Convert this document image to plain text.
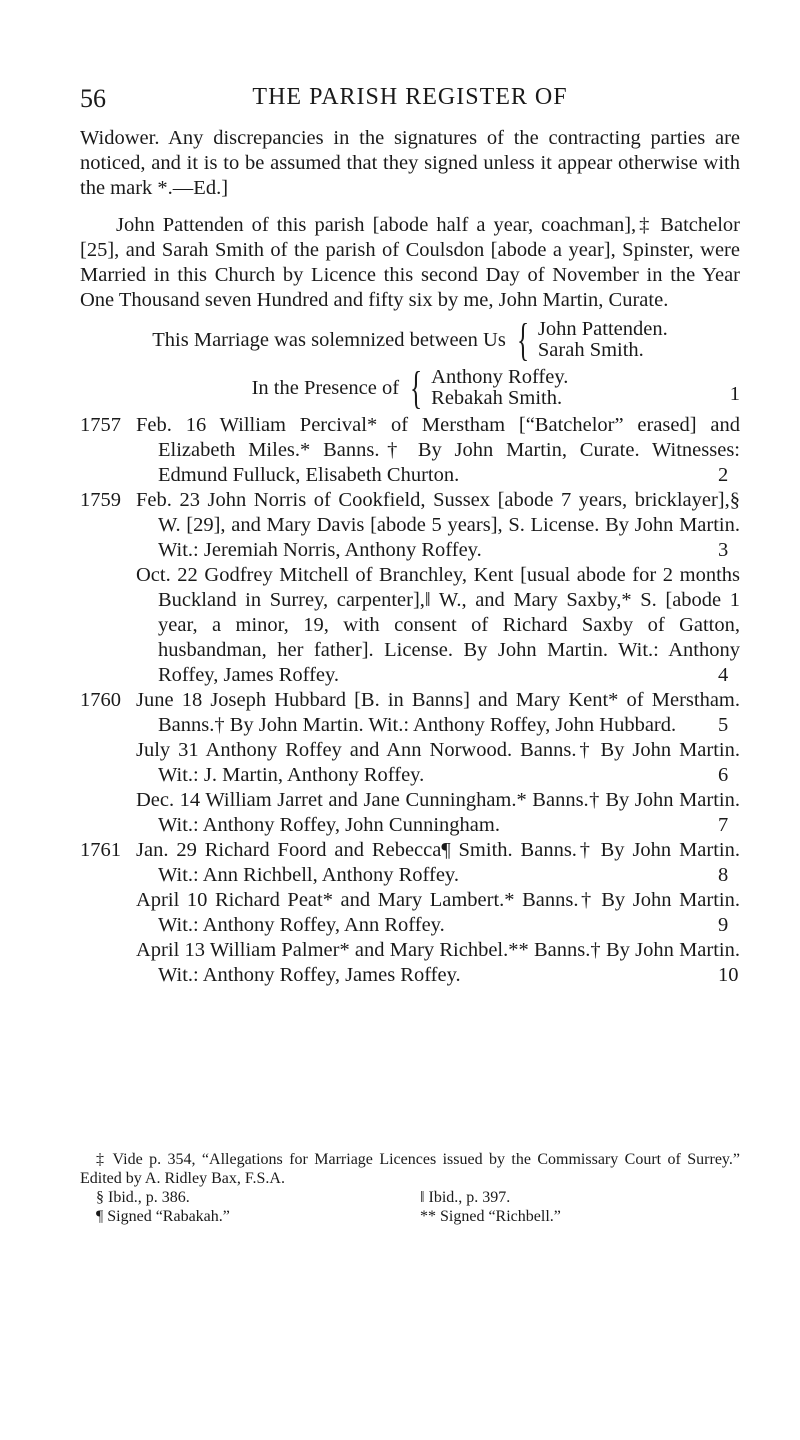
56	THE PARISH REGISTER OF

Widower. Any discrepancies in the signatures of the contracting parties are noticed, and it is to be assumed that they signed unless it appear otherwise with the mark *.—Ed.]

John Pattenden of this parish [abode half a year, coachman],‡ Batchelor [25], and Sarah Smith of the parish of Coulsdon [abode a year], Spinster, were Married in this Church by Licence this second Day of November in the Year One Thousand seven Hundred and fifty six by me, John Martin, Curate.

This Marriage was solemnized between Us { John Pattenden.
Sarah Smith.
In the Presence of { Anthony Roffey.
Rebakah Smith.	1
1757 Feb. 16 William Percival* of Merstham [“Batchelor” erased] and Elizabeth Miles.* Banns.† By John Martin, Curate. Witnesses: Edmund Fulluck, Elisabeth Churton.	2

1759 Feb. 23 John Norris of Cookfield, Sussex [abode 7 years, bricklayer],§ W. [29], and Mary Davis [abode 5 years], S. License. By John Martin. Wit.: Jeremiah Norris, Anthony Roffey.	3

Oct. 22 Godfrey Mitchell of Branchley, Kent [usual abode for 2 months Buckland in Surrey, carpenter],‖ W., and Mary Saxby,* S. [abode 1 year, a minor, 19, with consent of Richard Saxby of Gatton, husbandman, her father]. License. By John Martin. Wit.: Anthony Roffey, James Roffey.	4

1760 June 18 Joseph Hubbard [B. in Banns] and Mary Kent* of Merstham. Banns.† By John Martin. Wit.: Anthony Roffey, John Hubbard. 5

July 31 Anthony Roffey and Ann Norwood. Banns.† By John Martin. Wit.: J. Martin, Anthony Roffey.	6

Dec. 14 William Jarret and Jane Cunningham.* Banns.† By John Martin. Wit.: Anthony Roffey, John Cunningham.	7

1761 Jan. 29 Richard Foord and Rebecca¶ Smith. Banns.† By John Martin. Wit.: Ann Richbell, Anthony Roffey.	8

April 10 Richard Peat* and Mary Lambert.* Banns.† By John Martin. Wit.: Anthony Roffey, Ann Roffey.	9

April 13 William Palmer* and Mary Richbel.** Banns.† By John Martin. Wit.: Anthony Roffey, James Roffey.	10

‡ Vide p. 354, “Allegations for Marriage Licences issued by the Commissary Court of Surrey.” Edited by A. Ridley Bax, F.S.A.

§ Ibid., p. 386.	‖ Ibid., p. 397.
¶ Signed “Rabakah.”	** Signed “Richbell.”
